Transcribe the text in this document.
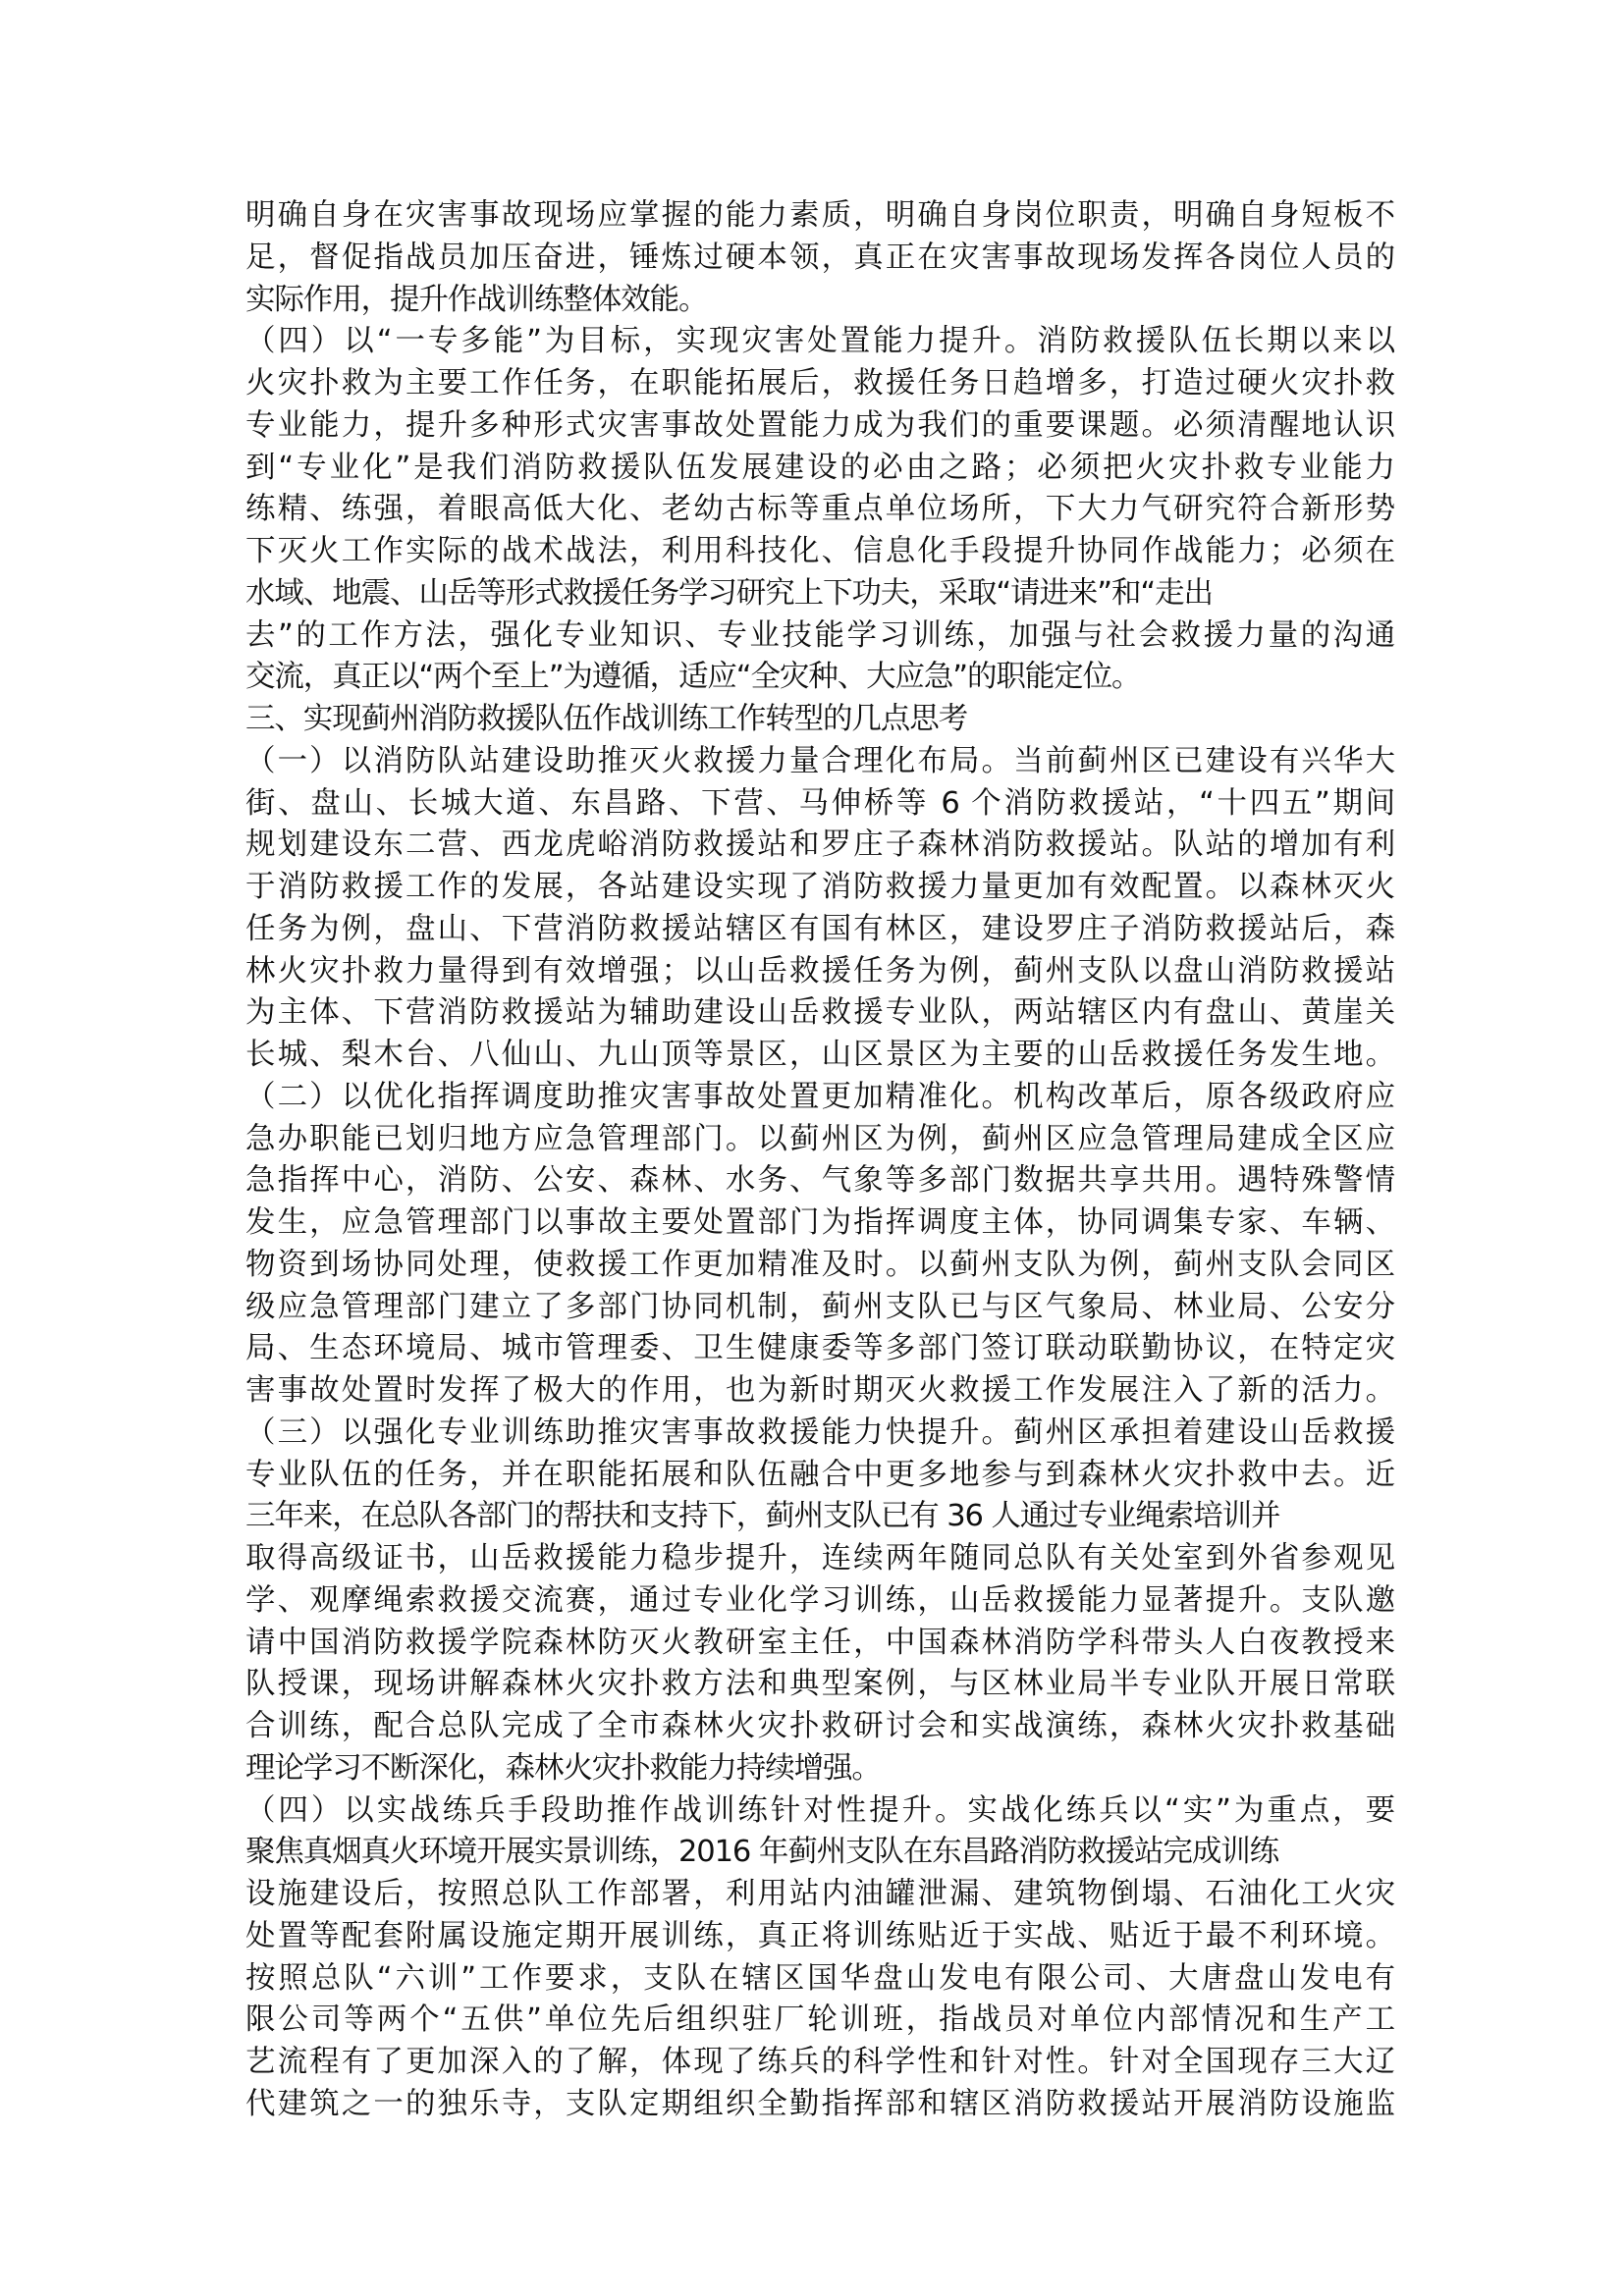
明确自身在灾害事故现场应掌握的能力素质，明确自身岗位职责，明确自身短板不
足，督促指战员加压奋进，锤炼过硬本领，真正在灾害事故现场发挥各岗位人员的
实际作用，提升作战训练整体效能。
（四）以“一专多能”为目标，实现灾害处置能力提升。消防救援队伍长期以来以
火灾扑救为主要工作任务，在职能拓展后，救援任务日趋增多，打造过硬火灾扑救
专业能力，提升多种形式灾害事故处置能力成为我们的重要课题。必须清醒地认识
到“专业化”是我们消防救援队伍发展建设的必由之路；必须把火灾扑救专业能力
练精、练强，着眼高低大化、老幼古标等重点单位场所，下大力气研究符合新形势
下灭火工作实际的战术战法，利用科技化、信息化手段提升协同作战能力；必须在
水域、地震、山岳等形式救援任务学习研究上下功夫，采取“请进来”和“走出
去”的工作方法，强化专业知识、专业技能学习训练，加强与社会救援力量的沟通
交流，真正以“两个至上”为遵循，适应“全灾种、大应急”的职能定位。
三、实现蓟州消防救援队伍作战训练工作转型的几点思考
（一）以消防队站建设助推灭火救援力量合理化布局。当前蓟州区已建设有兴华大
街、盘山、长城大道、东昌路、下营、马伸桥等 6 个消防救援站，“十四五”期间
规划建设东二营、西龙虎峪消防救援站和罗庄子森林消防救援站。队站的增加有利
于消防救援工作的发展，各站建设实现了消防救援力量更加有效配置。以森林灭火
任务为例，盘山、下营消防救援站辖区有国有林区，建设罗庄子消防救援站后，森
林火灾扑救力量得到有效增强；以山岳救援任务为例，蓟州支队以盘山消防救援站
为主体、下营消防救援站为辅助建设山岳救援专业队，两站辖区内有盘山、黄崖关
长城、梨木台、八仙山、九山顶等景区，山区景区为主要的山岳救援任务发生地。
（二）以优化指挥调度助推灾害事故处置更加精准化。机构改革后，原各级政府应
急办职能已划归地方应急管理部门。以蓟州区为例，蓟州区应急管理局建成全区应
急指挥中心，消防、公安、森林、水务、气象等多部门数据共享共用。遇特殊警情
发生，应急管理部门以事故主要处置部门为指挥调度主体，协同调集专家、车辆、
物资到场协同处理，使救援工作更加精准及时。以蓟州支队为例，蓟州支队会同区
级应急管理部门建立了多部门协同机制，蓟州支队已与区气象局、林业局、公安分
局、生态环境局、城市管理委、卫生健康委等多部门签订联动联勤协议，在特定灾
害事故处置时发挥了极大的作用，也为新时期灭火救援工作发展注入了新的活力。
（三）以强化专业训练助推灾害事故救援能力快提升。蓟州区承担着建设山岳救援
专业队伍的任务，并在职能拓展和队伍融合中更多地参与到森林火灾扑救中去。近
三年来，在总队各部门的帮扶和支持下，蓟州支队已有 36 人通过专业绳索培训并
取得高级证书，山岳救援能力稳步提升，连续两年随同总队有关处室到外省参观见
学、观摩绳索救援交流赛，通过专业化学习训练，山岳救援能力显著提升。支队邀
请中国消防救援学院森林防灭火教研室主任，中国森林消防学科带头人白夜教授来
队授课，现场讲解森林火灾扑救方法和典型案例，与区林业局半专业队开展日常联
合训练，配合总队完成了全市森林火灾扑救研讨会和实战演练，森林火灾扑救基础
理论学习不断深化，森林火灾扑救能力持续增强。
（四）以实战练兵手段助推作战训练针对性提升。实战化练兵以“实”为重点，要
聚焦真烟真火环境开展实景训练，2016 年蓟州支队在东昌路消防救援站完成训练
设施建设后，按照总队工作部署，利用站内油罐泄漏、建筑物倒塌、石油化工火灾
处置等配套附属设施定期开展训练，真正将训练贴近于实战、贴近于最不利环境。
按照总队“六训”工作要求，支队在辖区国华盘山发电有限公司、大唐盘山发电有
限公司等两个“五供”单位先后组织驻厂轮训班，指战员对单位内部情况和生产工
艺流程有了更加深入的了解，体现了练兵的科学性和针对性。针对全国现存三大辽
代建筑之一的独乐寺，支队定期组织全勤指挥部和辖区消防救援站开展消防设施监
